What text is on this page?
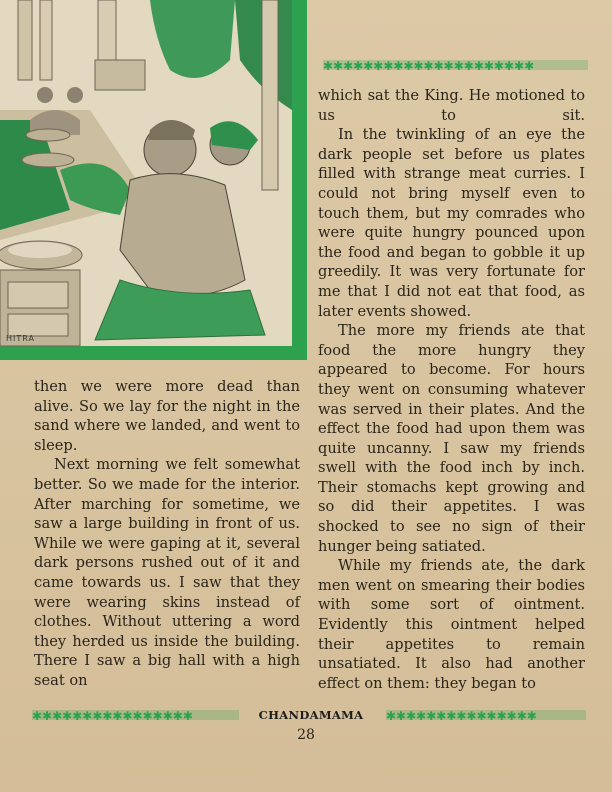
HITRA
✱✱✱✱✱✱✱✱✱✱✱✱✱✱✱✱✱✱✱✱✱

which sat the King. He motioned to us to sit.

In the twinkling of an eye the dark people set before us plates filled with strange meat curries. I could not bring myself even to touch them, but my comrades who were quite hungry pounced upon the food and began to gobble it up greedily. It was very fortunate for me that I did not eat that food, as later events showed.

The more my friends ate that food the more hungry they appeared to become. For hours they went on consuming whatever was served in their plates. And the effect the food had upon them was quite uncanny. I saw my friends swell with the food inch by inch. Their stomachs kept growing and so did their appetites. I was shocked to see no sign of their hunger being satiated.

While my friends ate, the dark men went on smearing their bodies with some sort of ointment. Evidently this ointment helped their appetites to remain unsatiated. It also had another effect on them: they began to

then we were more dead than alive. So we lay for the night in the sand where we landed, and went to sleep.

Next morning we felt somewhat better. So we made for the interior. After marching for sometime, we saw a large building in front of us. While we were gaping at it, several dark persons rushed out of it and came towards us. I saw that they were wearing skins instead of clothes. Without uttering a word they herded us inside the building. There I saw a big hall with a high seat on

✱✱✱✱✱✱✱✱✱✱✱✱✱✱✱✱	CHANDAMAMA	✱✱✱✱✱✱✱✱✱✱✱✱✱✱✱
28
